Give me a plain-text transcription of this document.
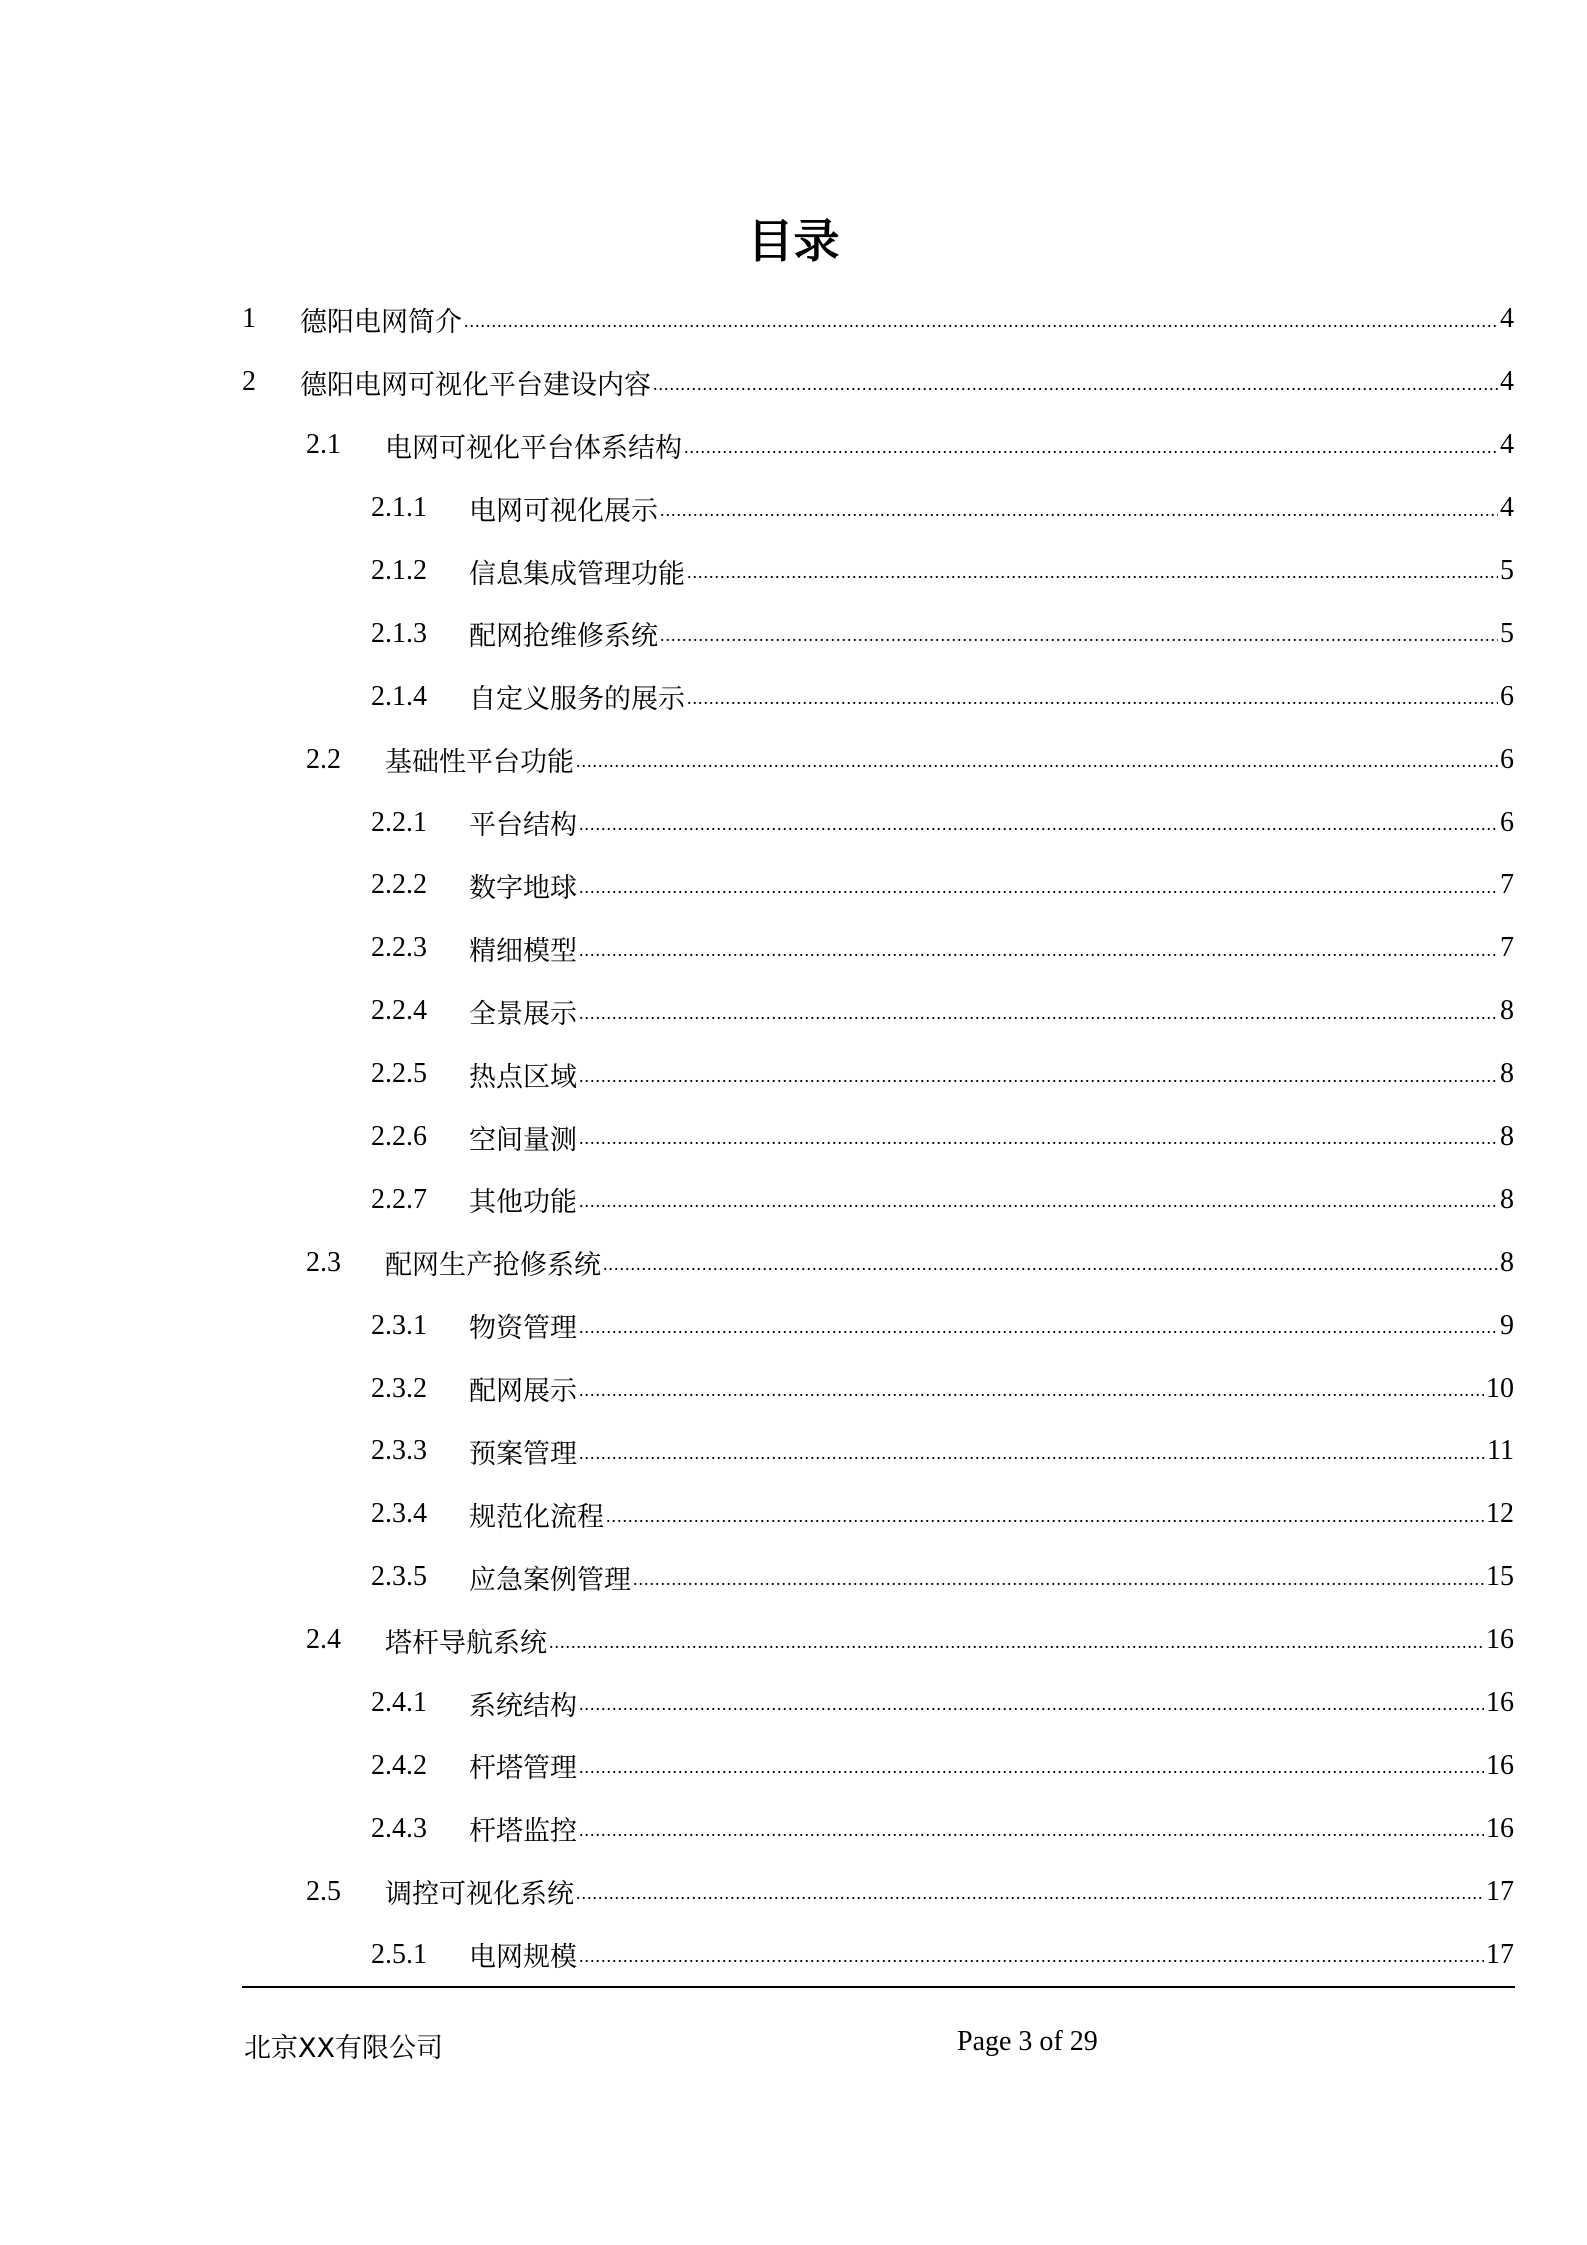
目录
1	德阳电网简介 .....	4
2	德阳电网可视化平台建设内容 .....	4
2.1	电网可视化平台体系结构 .....	4
2.1.1	电网可视化展示 .....	4
2.1.2	信息集成管理功能 .....	5
2.1.3	配网抢维修系统 .....	5
2.1.4	自定义服务的展示 .....	6
2.2	基础性平台功能 .....	6
2.2.1	平台结构 .....	6
2.2.2	数字地球 .....	7
2.2.3	精细模型 .....	7
2.2.4	全景展示 .....	8
2.2.5	热点区域 .....	8
2.2.6	空间量测 .....	8
2.2.7	其他功能 .....	8
2.3	配网生产抢修系统 .....	8
2.3.1	物资管理 .....	9
2.3.2	配网展示 .....	10
2.3.3	预案管理 .....	11
2.3.4	规范化流程 .....	12
2.3.5	应急案例管理 .....	15
2.4	塔杆导航系统 .....	16
2.4.1	系统结构 .....	16
2.4.2	杆塔管理 .....	16
2.4.3	杆塔监控 .....	16
2.5	调控可视化系统 .....	17
2.5.1	电网规模 .....	17
北京XX有限公司	Page 3 of 29
